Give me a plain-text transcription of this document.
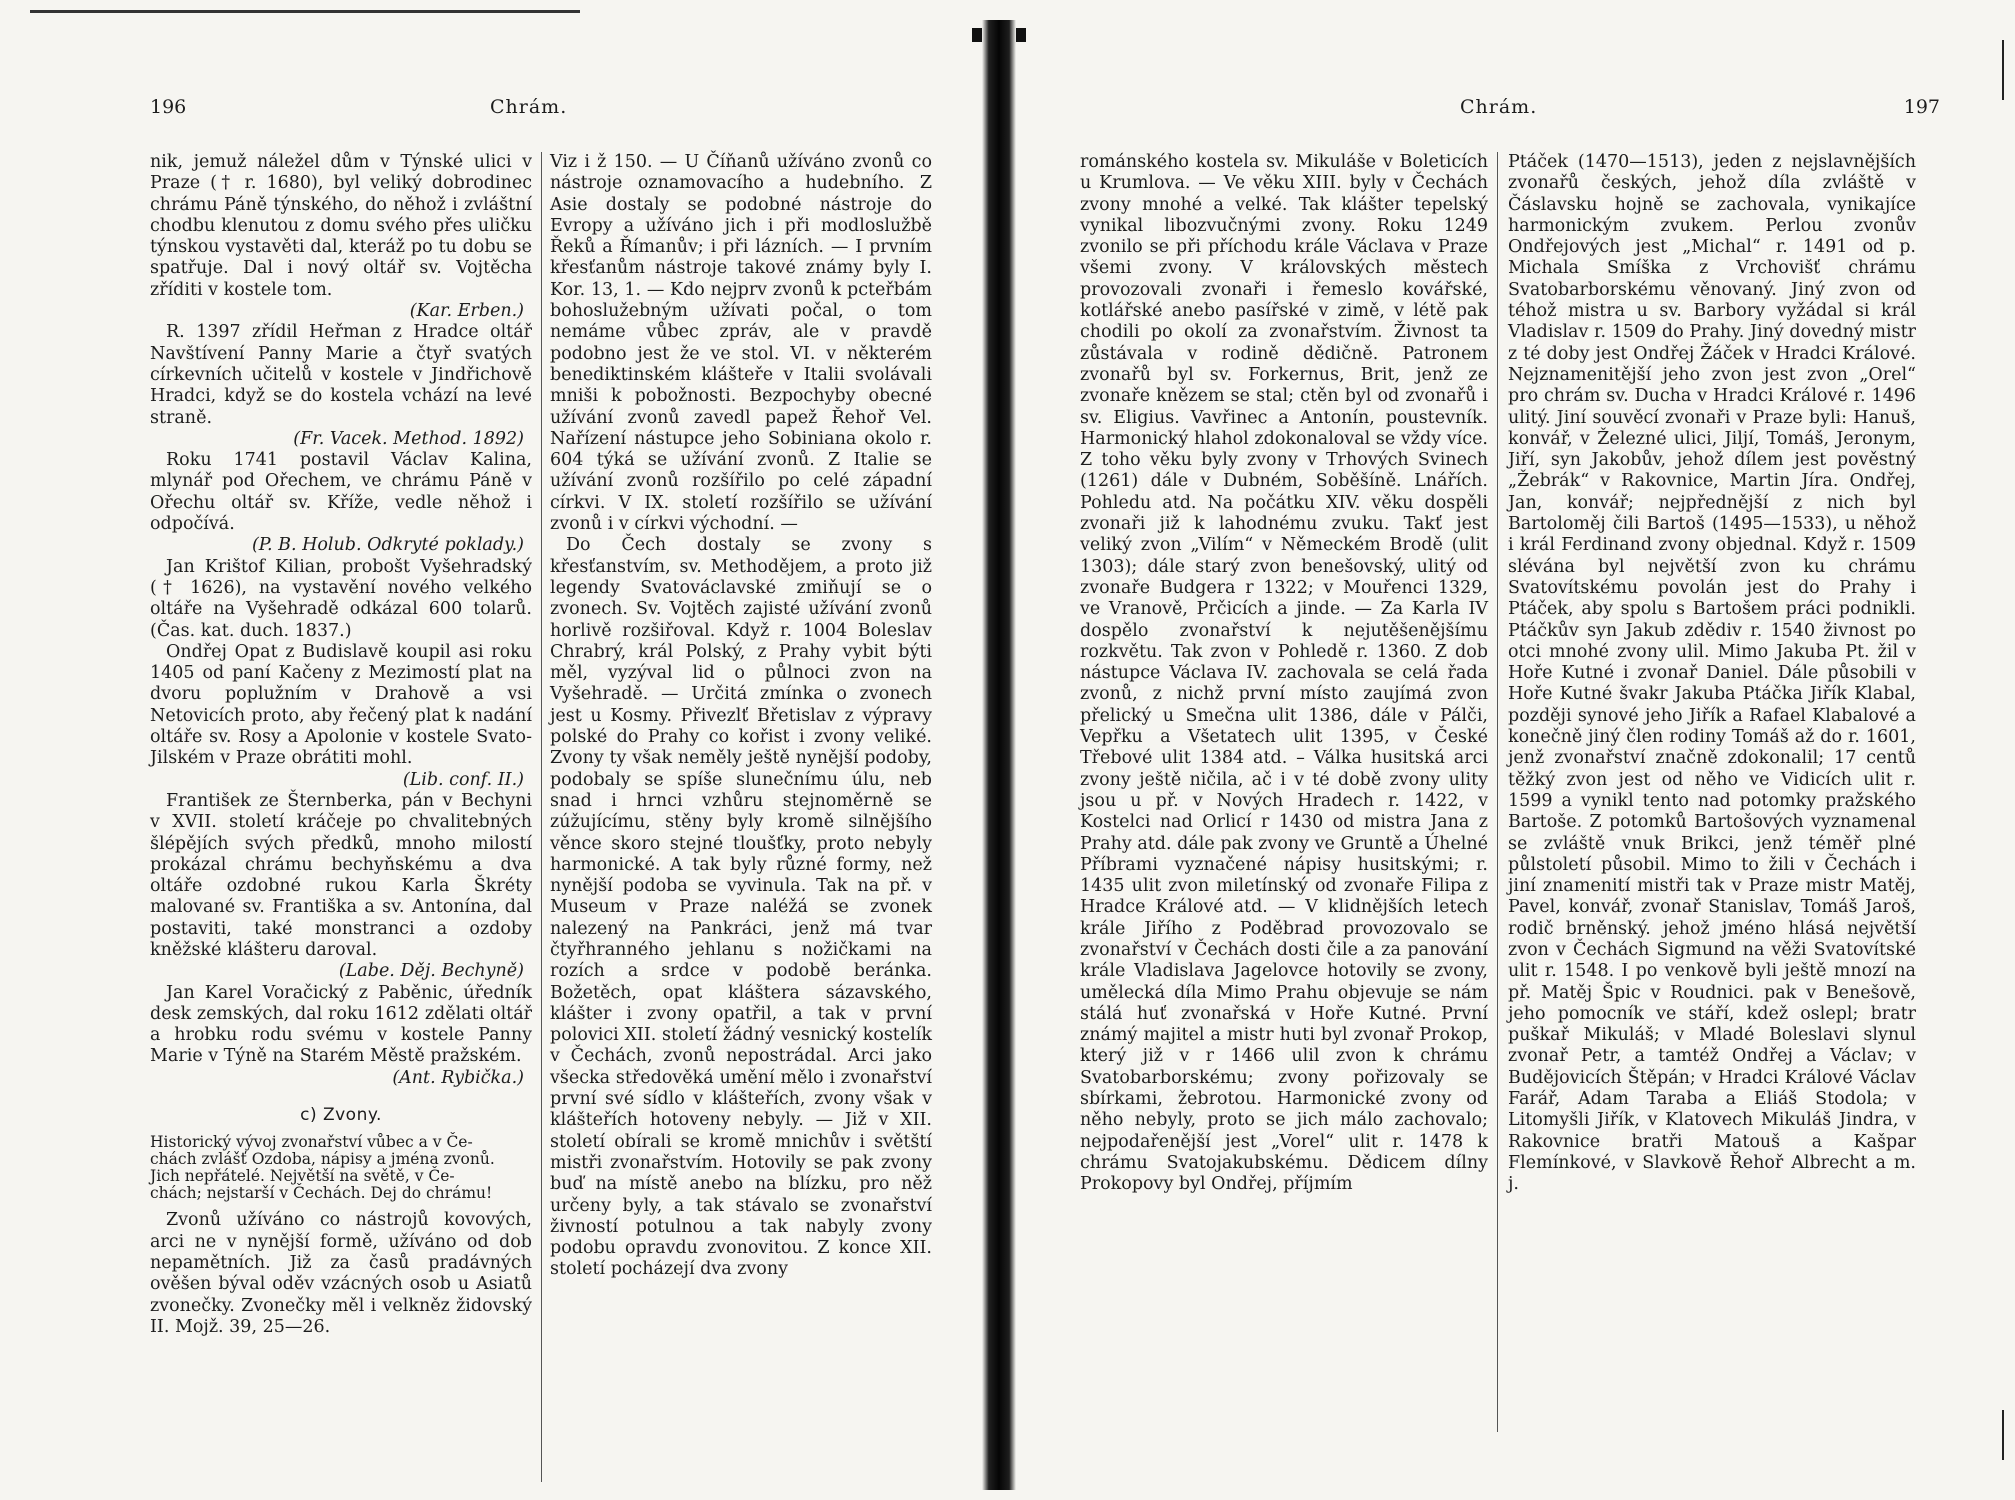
196	Chrám.

nik, jemuž náležel dům v Týnské ulici v Praze († r. 1680), byl veliký dobrodinec chrámu Páně týnského, do něhož i zvláštní chodbu klenutou z domu svého přes uličku týnskou vystavěti dal, kteráž po tu dobu se spatřuje. Dal i nový oltář sv. Vojtěcha zříditi v kostele tom.

(Kar. Erben.)

R. 1397 zřídil Heřman z Hradce oltář Navštívení Panny Marie a čtyř svatých církevních učitelů v kostele v Jindřichově Hradci, když se do kostela vchází na levé straně.

(Fr. Vacek. Method. 1892)

Roku 1741 postavil Václav Kalina, mlynář pod Ořechem, ve chrámu Páně v Ořechu oltář sv. Kříže, vedle něhož i odpočívá.

(P. B. Holub. Odkryté poklady.)

Jan Krištof Kilian, probošt Vyšehradský († 1626), na vystavění nového velkého oltáře na Vyšehradě odkázal 600 tolarů. (Čas. kat. duch. 1837.)

Ondřej Opat z Budislavě koupil asi roku 1405 od paní Kačeny z Mezimostí plat na dvoru poplužním v Drahově a vsi Netovicích proto, aby řečený plat k nadání oltáře sv. Rosy a Apolonie v kostele Svato-Jilském v Praze obrátiti mohl.

(Lib. conf. II.)

František ze Šternberka, pán v Bechyni v XVII. století kráčeje po chvalitebných šlépějích svých předků, mnoho milostí prokázal chrámu bechyňskému a dva oltáře ozdobné rukou Karla Škréty malované sv. Františka a sv. Antonína, dal postaviti, také monstranci a ozdoby kněžské klášteru daroval.

(Labe. Děj. Bechyně)

Jan Karel Voračický z Paběnic, úředník desk zemských, dal roku 1612 zdělati oltář a hrobku rodu svému v kostele Panny Marie v Týně na Starém Městě pražském.

(Ant. Rybička.)

c) Zvony.
Historický vývoj zvonařství vůbec a v Če-
chách zvlášť Ozdoba, nápisy a jména zvonů.
Jich nepřátelé. Největší na světě, v Če-
chách; nejstarší v Čechách. Dej do chrámu!

Zvonů užíváno co nástrojů kovových, arci ne v nynější formě, užíváno od dob nepamětních. Již za časů pradávných ověšen býval oděv vzácných osob u Asiatů zvonečky. Zvonečky měl i velkněz židovský II. Mojž. 39, 25—26.

Viz i ž 150. — U Číňanů užíváno zvonů co nástroje oznamovacího a hudebního. Z Asie dostaly se podobné nástroje do Evropy a užíváno jich i při modloslužbě Řeků a Římanův; i při lázních. — I prvním křesťanům nástroje takové známy byly I. Kor. 13, 1. — Kdo nejprv zvonů k pcteřbám bohoslužebným užívati počal, o tom nemáme vůbec zpráv, ale v pravdě podobno jest že ve stol. VI. v některém benediktinském klášteře v Italii svolávali mniši k pobožnosti. Bezpochyby obecné užívání zvonů zavedl papež Řehoř Vel. Nařízení nástupce jeho Sobiniana okolo r. 604 týká se užívání zvonů. Z Italie se užívání zvonů rozšířilo po celé západní církvi. V IX. století rozšířilo se užívání zvonů i v církvi východní. —

Do Čech dostaly se zvony s křesťanstvím, sv. Methodějem, a proto již legendy Svatováclavské zmiňují se o zvonech. Sv. Vojtěch zajisté užívání zvonů horlivě rozšiřoval. Když r. 1004 Boleslav Chrabrý, král Polský, z Prahy vybit býti měl, vyzýval lid o půlnoci zvon na Vyšehradě. — Určitá zmínka o zvonech jest u Kosmy. Přivezlť Břetislav z výpravy polské do Prahy co kořist i zvony veliké. Zvony ty však neměly ještě nynější podoby, podobaly se spíše slunečnímu úlu, neb snad i hrnci vzhůru stejnoměrně se zúžujícímu, stěny byly kromě silnějšího věnce skoro stejné tloušťky, proto nebyly harmonické. A tak byly různé formy, než nynější podoba se vyvinula. Tak na př. v Museum v Praze naléžá se zvonek nalezený na Pankráci, jenž má tvar čtyřhranného jehlanu s nožičkami na rozích a srdce v podobě beránka. Božetěch, opat kláštera sázavského, klášter i zvony opatřil, a tak v první polovici XII. století žádný vesnický kostelík v Čechách, zvonů nepostrádal. Arci jako všecka středověká umění mělo i zvonařství první své sídlo v klášteřích, zvony však v klášteřích hotoveny nebyly. — Již v XII. století obírali se kromě mnichův i světští mistři zvonařstvím. Hotovily se pak zvony buď na místě anebo na blízku, pro něž určeny byly, a tak stávalo se zvonařství živností potulnou a tak nabyly zvony podobu opravdu zvonovitou. Z konce XII. století pocházejí dva zvony

Chrám.	197

románského kostela sv. Mikuláše v Boleticích u Krumlova. — Ve věku XIII. byly v Čechách zvony mnohé a velké. Tak klášter tepelský vynikal libozvučnými zvony. Roku 1249 zvonilo se při příchodu krále Václava v Praze všemi zvony. V královských městech provozovali zvonaři i řemeslo kovářské, kotlářské anebo pasířské v zimě, v létě pak chodili po okolí za zvonařstvím. Živnost ta zůstávala v rodině dědičně. Patronem zvonařů byl sv. Forkernus, Brit, jenž ze zvonaře knězem se stal; ctěn byl od zvonařů i sv. Eligius. Vavřinec a Antonín, poustevník. Harmonický hlahol zdokonaloval se vždy více. Z toho věku byly zvony v Trhových Svinech (1261) dále v Dubném, Soběšíně. Lnářích. Pohledu atd. Na počátku XIV. věku dospěli zvonaři již k lahodnému zvuku. Takť jest veliký zvon „Vilím“ v Německém Brodě (ulit 1303); dále starý zvon benešovský, ulitý od zvonaře Budgera r 1322; v Mouřenci 1329, ve Vranově, Prčicích a jinde. — Za Karla IV dospělo zvonařství k nejutěšenějšímu rozkvětu. Tak zvon v Pohledě r. 1360. Z dob nástupce Václava IV. zachovala se celá řada zvonů, z nichž první místo zaujímá zvon přelický u Smečna ulit 1386, dále v Pálči, Vepřku a Všetatech ulit 1395, v České Třebové ulit 1384 atd. – Válka husitská arci zvony ještě ničila, ač i v té době zvony ulity jsou u př. v Nových Hradech r. 1422, v Kostelci nad Orlicí r 1430 od mistra Jana z Prahy atd. dále pak zvony ve Gruntě a Úhelné Příbrami vyznačené nápisy husitskými; r. 1435 ulit zvon miletínský od zvonaře Filipa z Hradce Králové atd. — V klidnějších letech krále Jiřího z Poděbrad provozovalo se zvonařství v Čechách dosti čile a za panování krále Vladislava Jagelovce hotovily se zvony, umělecká díla Mimo Prahu objevuje se nám stálá huť zvonařská v Hoře Kutné. První známý majitel a mistr huti byl zvonař Prokop, který již v r 1466 ulil zvon k chrámu Svatobarborskému; zvony pořizovaly se sbírkami, žebrotou. Harmonické zvony od něho nebyly, proto se jich málo zachovalo; nejpodařenější jest „Vorel“ ulit r. 1478 k chrámu Svatojakubskému. Dědicem dílny Prokopovy byl Ondřej, příjmím

Ptáček (1470—1513), jeden z nejslavnějších zvonařů českých, jehož díla zvláště v Čáslavsku hojně se zachovala, vynikajíce harmonickým zvukem. Perlou zvonův Ondřejových jest „Michal“ r. 1491 od p. Michala Smíška z Vrchovišť chrámu Svatobarborskému věnovaný. Jiný zvon od téhož mistra u sv. Barbory vyžádal si král Vladislav r. 1509 do Prahy. Jiný dovedný mistr z té doby jest Ondřej Žáček v Hradci Králové. Nejznamenitější jeho zvon jest zvon „Orel“ pro chrám sv. Ducha v Hradci Králové r. 1496 ulitý. Jiní souvěcí zvonaři v Praze byli: Hanuš, konvář, v Železné ulici, Jiljí, Tomáš, Jeronym, Jiří, syn Jakobův, jehož dílem jest pověstný „Žebrák“ v Rakovnice, Martin Jíra. Ondřej, Jan, konvář; nejpřednější z nich byl Bartoloměj čili Bartoš (1495—1533), u něhož i král Ferdinand zvony objednal. Když r. 1509 slévána byl největší zvon ku chrámu Svatovítskému povolán jest do Prahy i Ptáček, aby spolu s Bartošem práci podnikli. Ptáčkův syn Jakub zdědiv r. 1540 živnost po otci mnohé zvony ulil. Mimo Jakuba Pt. žil v Hoře Kutné i zvonař Daniel. Dále působili v Hoře Kutné švakr Jakuba Ptáčka Jiřík Klabal, později synové jeho Jiřík a Rafael Klabalové a konečně jiný člen rodiny Tomáš až do r. 1601, jenž zvonařství značně zdokonalil; 17 centů těžký zvon jest od něho ve Vidicích ulit r. 1599 a vynikl tento nad potomky pražského Bartoše. Z potomků Bartošových vyznamenal se zvláště vnuk Brikci, jenž téměř plné půlstoletí působil. Mimo to žili v Čechách i jiní znamenití mistři tak v Praze mistr Matěj, Pavel, konvář, zvonař Stanislav, Tomáš Jaroš, rodič brněnský. jehož jméno hlásá největší zvon v Čechách Sigmund na věži Svatovítské ulit r. 1548. I po venkově byli ještě mnozí na př. Matěj Špic v Roudnici. pak v Benešově, jeho pomocník ve stáří, kdež oslepl; bratr puškař Mikuláš; v Mladé Boleslavi slynul zvonař Petr, a tamtéž Ondřej a Václav; v Budějovicích Štěpán; v Hradci Králové Václav Farář, Adam Taraba a Eliáš Stodola; v Litomyšli Jiřík, v Klatovech Mikuláš Jindra, v Rakovnice bratři Matouš a Kašpar Flemínkové, v Slavkově Řehoř Albrecht a m. j.
